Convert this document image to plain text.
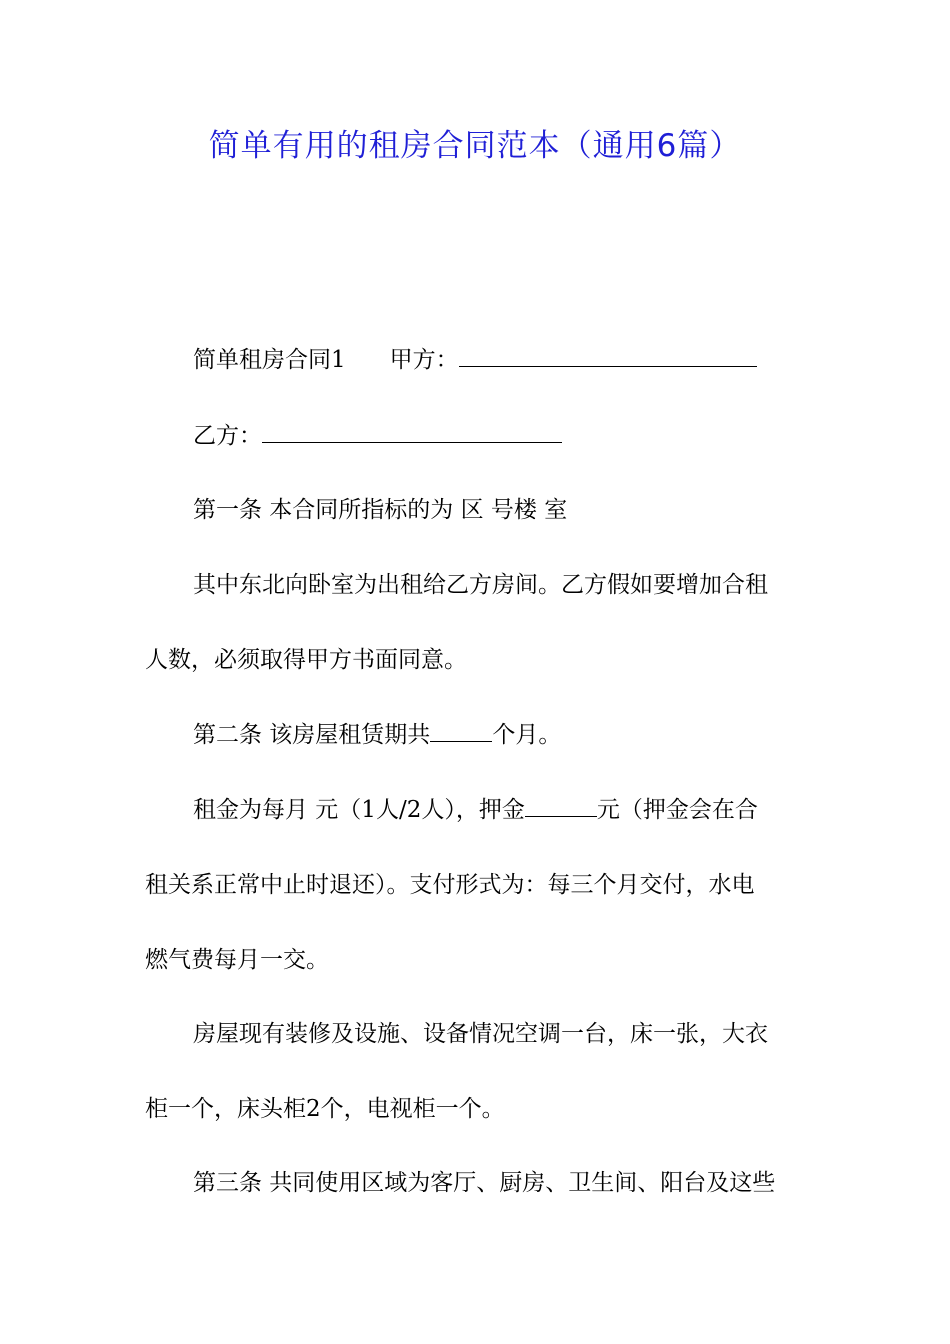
简单有用的租房合同范本（通用6篇）
简单租房合同1 甲方：
乙方：
第一条 本合同所指标的为 区 号楼 室
其中东北向卧室为出租给乙方房间。乙方假如要增加合租
人数，必须取得甲方书面同意。
第二条 该房屋租赁期共	个月。
租金为每月 元（1人/2人），押金	元（押金会在合
租关系正常中止时退还）。支付形式为：每三个月交付，水电
燃气费每月一交。
房屋现有装修及设施、设备情况空调一台，床一张，大衣
柜一个，床头柜2个，电视柜一个。
第三条 共同使用区域为客厅、厨房、卫生间、阳台及这些
